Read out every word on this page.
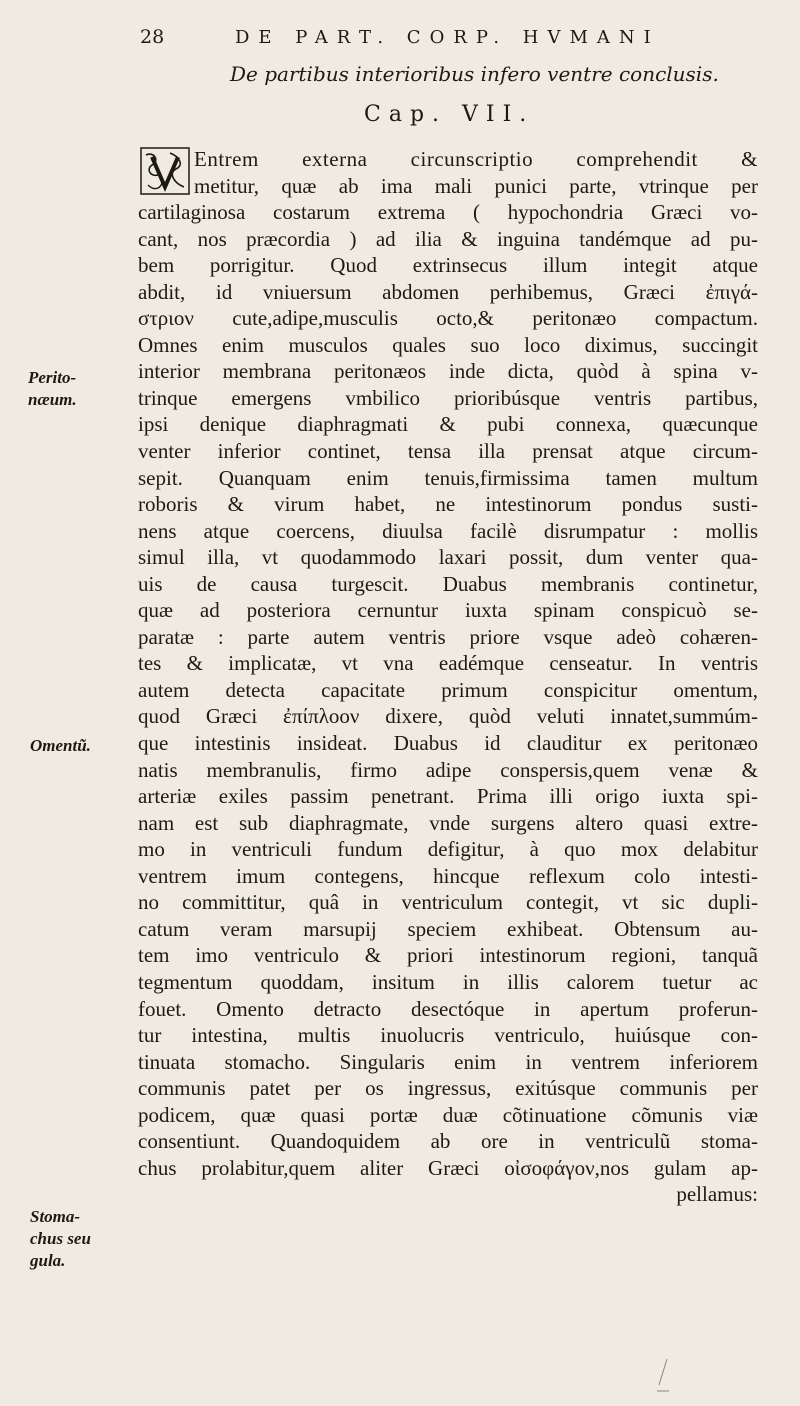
28	DE PART. CORP. HVMANI
De partibus interioribus infero ventre conclusis.
Cap. VII.
Entrem externa circunscriptio comprehendit &
metitur, quæ ab ima mali punici parte, vtrinque per
cartilaginosa costarum extrema ( hypochondria Græci vo-
cant, nos præcordia ) ad ilia & inguina tandémque ad pu-
bem porrigitur. Quod extrinsecus illum integit atque
abdit, id vniuersum abdomen perhibemus, Græci ἐπιγά-
στριον cute,adipe,musculis octo,& peritonæo compactum.
Omnes enim musculos quales suo loco diximus, succingit
interior membrana peritonæos inde dicta, quòd à spina v-
trinque emergens vmbilico prioribúsque ventris partibus,
ipsi denique diaphragmati & pubi connexa, quæcunque
venter inferior continet, tensa illa prensat atque circum-
sepit. Quanquam enim tenuis,firmissima tamen multum
roboris & virum habet, ne intestinorum pondus susti-
nens atque coercens, diuulsa facilè disrumpatur : mollis
simul illa, vt quodammodo laxari possit, dum venter qua-
uis de causa turgescit. Duabus membranis continetur,
quæ ad posteriora cernuntur iuxta spinam conspicuò se-
paratæ : parte autem ventris priore vsque adeò cohæren-
tes & implicatæ, vt vna eadémque censeatur. In ventris
autem detecta capacitate primum conspicitur omentum,
quod Græci ἐπίπλοον dixere, quòd veluti innatet,summúm-
que intestinis insideat. Duabus id clauditur ex peritonæo
natis membranulis, firmo adipe conspersis,quem venæ &
arteriæ exiles passim penetrant. Prima illi origo iuxta spi-
nam est sub diaphragmate, vnde surgens altero quasi extre-
mo in ventriculi fundum defigitur, à quo mox delabitur
ventrem imum contegens, hincque reflexum colo intesti-
no committitur, quâ in ventriculum contegit, vt sic dupli-
catum veram marsupij speciem exhibeat. Obtensum au-
tem imo ventriculo & priori intestinorum regioni, tanquã
tegmentum quoddam, insitum in illis calorem tuetur ac
fouet. Omento detracto desectóque in apertum proferun-
tur intestina, multis inuolucris ventriculo, huiúsque con-
tinuata stomacho. Singularis enim in ventrem inferiorem
communis patet per os ingressus, exitúsque communis per
podicem, quæ quasi portæ duæ cõtinuatione cõmunis viæ
consentiunt. Quandoquidem ab ore in ventriculũ stoma-
chus prolabitur,quem aliter Græci οἰσοφάγον,nos gulam ap-
pellamus:
Perito-
næum.
Omentũ.
Stoma-
chus seu
gula.
